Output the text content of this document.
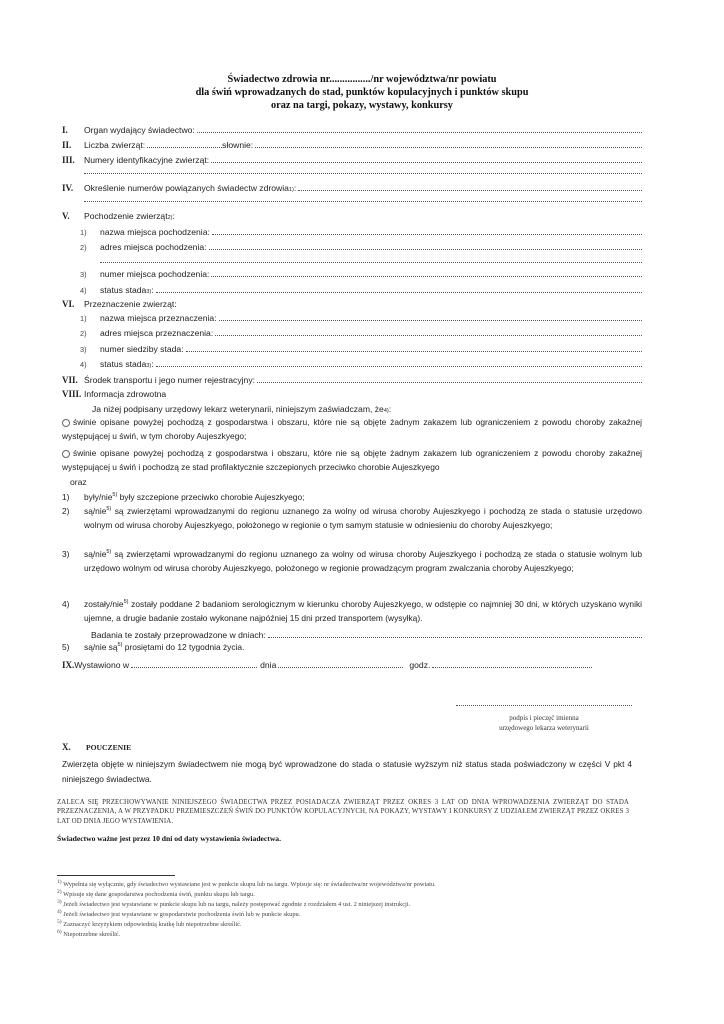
Świadectwo zdrowia nr................/nr województwa/nr powiatu
dla świń wprowadzanych do stad, punktów kopulacyjnych i punktów skupu
oraz na targi, pokazy, wystawy, konkursy
I.	Organ wydający świadectwo:
II.	Liczba zwierząt:	słownie:
III.	Numery identyfikacyjne zwierząt:
IV.	Określenie numerów powiązanych świadectw zdrowia 1) :
V.	Pochodzenie zwierząt 2) :
1)	nazwa miejsca pochodzenia:
2)	adres miejsca pochodzenia:
3)	numer miejsca pochodzenia:
4)	status stada 3) :
VI.	Przeznaczenie zwierząt:
1)	nazwa miejsca przeznaczenia:
2)	adres miejsca przeznaczenia:
3)	numer siedziby stada:
4)	status stada 3) :
VII. Środek transportu i jego numer rejestracyjny:
VIII. Informacja zdrowotna
Ja niżej podpisany urzędowy lekarz weterynarii, niniejszym zaświadczam, że 4) :
świnie opisane powyżej pochodzą z gospodarstwa i obszaru, które nie są objęte żadnym zakazem lub ograniczeniem z powodu choroby zakaźnej występującej u świń, w tym choroby Aujeszkyego;
świnie opisane powyżej pochodzą z gospodarstwa i obszaru, które nie są objęte żadnym zakazem lub ograniczeniem z powodu choroby zakaźnej występującej u świń i pochodzą ze stad profilaktycznie szczepionych przeciwko chorobie Aujeszkyego
oraz
1) były/nie$^{5)}$ były szczepione przeciwko chorobie Aujeszkyego;
2) są/nie$^{5)}$ są zwierzętami wprowadzanymi do regionu uznanego za wolny od wirusa choroby Aujeszkyego i pochodzą ze stada o statusie urzędowo wolnym od wirusa choroby Aujeszkyego, położonego w regionie o tym samym statusie w odniesieniu do choroby Aujeszkyego;
3) są/nie$^{5)}$ są zwierzętami wprowadzanymi do regionu uznanego za wolny od wirusa choroby Aujeszkyego i pochodzą ze stada o statusie wolnym lub urzędowo wolnym od wirusa choroby Aujeszkyego, położonego w regionie prowadzącym program zwalczania choroby Aujeszkyego;
4) zostały/nie$^{5)}$ zostały poddane 2 badaniom serologicznym w kierunku choroby Aujeszkyego, w odstępie co najmniej 30 dni, w których uzyskano wyniki ujemne, a drugie badanie zostało wykonane najpóźniej 15 dni przed transportem (wysyłką).
Badania te zostały przeprowadzone w dniach:
5) są/nie $są^{5)}$ prosiętami do 12 tygodnia życia.
IX. Wystawiono w	dnia	godz.
podpis i pieczęć imienna
urzędowego lekarza weterynarii
X.	POUCZENIE
Zwierzęta objęte w niniejszym świadectwem nie mogą być wprowadzone do stada o statusie wyższym niż status stada poświadczony w części V pkt 4 niniejszego świadectwa.
ZALECA SIĘ PRZECHOWYWANIE NINIEJSZEGO ŚWIADECTWA PRZEZ POSIADACZA ZWIERZĄT PRZEZ OKRES 3 LAT OD DNIA WPROWADZENIA ZWIERZĄT DO STADA PRZEZNACZENIA, A W PRZYPADKU PRZEMIESZCZEŃ ŚWIŃ DO PUNKTÓW KOPULACYJNYCH, NA POKAZY, WYSTAWY I KONKURSY Z UDZIAŁEM ZWIERZĄT PRZEZ OKRES 3 LAT OD DNIA JEGO WYSTAWIENIA.
Świadectwo ważne jest przez 10 dni od daty wystawienia świadectwa.
$^{1)}$ Wypełnia się wyłącznie, gdy świadectwo wystawiane jest w punkcie skupu lub na targu. Wpisuje się: nr świadectwa/nr województwa/nr powiatu.
$^{2)}$ Wpisuje się dane gospodarstwa pochodzenia świń, punktu skupu lub targu.
$^{3)}$ Jeżeli świadectwo jest wystawiane w punkcie skupu lub na targu, należy postępować zgodnie z rozdziałem 4 ust. 2 niniejszej instrukcji.
$^{4)}$ Jeżeli świadectwo jest wystawiane w gospodarstwie pochodzenia świń lub w punkcie skupu.
$^{5)}$ Zaznaczyć krzyżykiem odpowiednią kratkę lub niepotrzebne skreślić.
$^{6)}$ Niepotrzebne skreślić.
